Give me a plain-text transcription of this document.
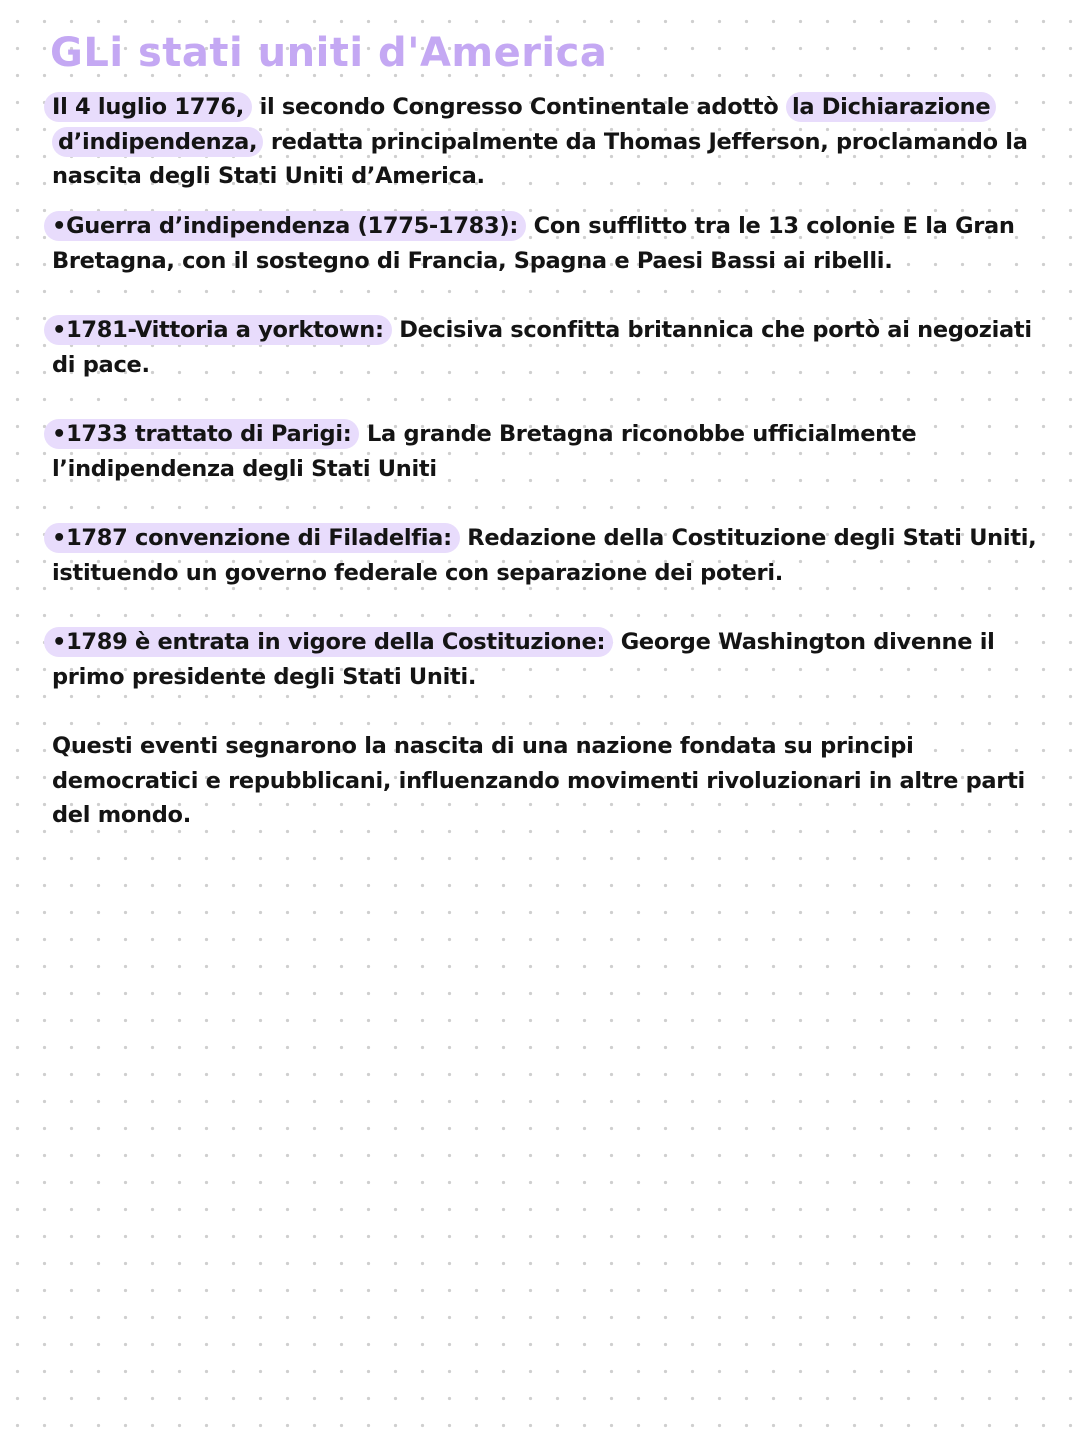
GLi stati uniti d'America

Il 4 luglio 1776, il secondo Congresso Continentale adottò la Dichiarazione d’indipendenza, redatta principalmente da Thomas Jefferson, proclamando la nascita degli Stati Uniti d’America.

•Guerra d’indipendenza (1775-1783): Con sufflitto tra le 13 colonie E la Gran Bretagna, con il sostegno di Francia, Spagna e Paesi Bassi ai ribelli.

•1781-Vittoria a yorktown: Decisiva sconfitta britannica che portò ai negoziati di pace.

•1733 trattato di Parigi: La grande Bretagna riconobbe ufficialmente l’indipendenza degli Stati Uniti

•1787 convenzione di Filadelfia: Redazione della Costituzione degli Stati Uniti, istituendo un governo federale con separazione dei poteri.

•1789 è entrata in vigore della Costituzione: George Washington divenne il primo presidente degli Stati Uniti.

Questi eventi segnarono la nascita di una nazione fondata su principi democratici e repubblicani, influenzando movimenti rivoluzionari in altre parti del mondo.
